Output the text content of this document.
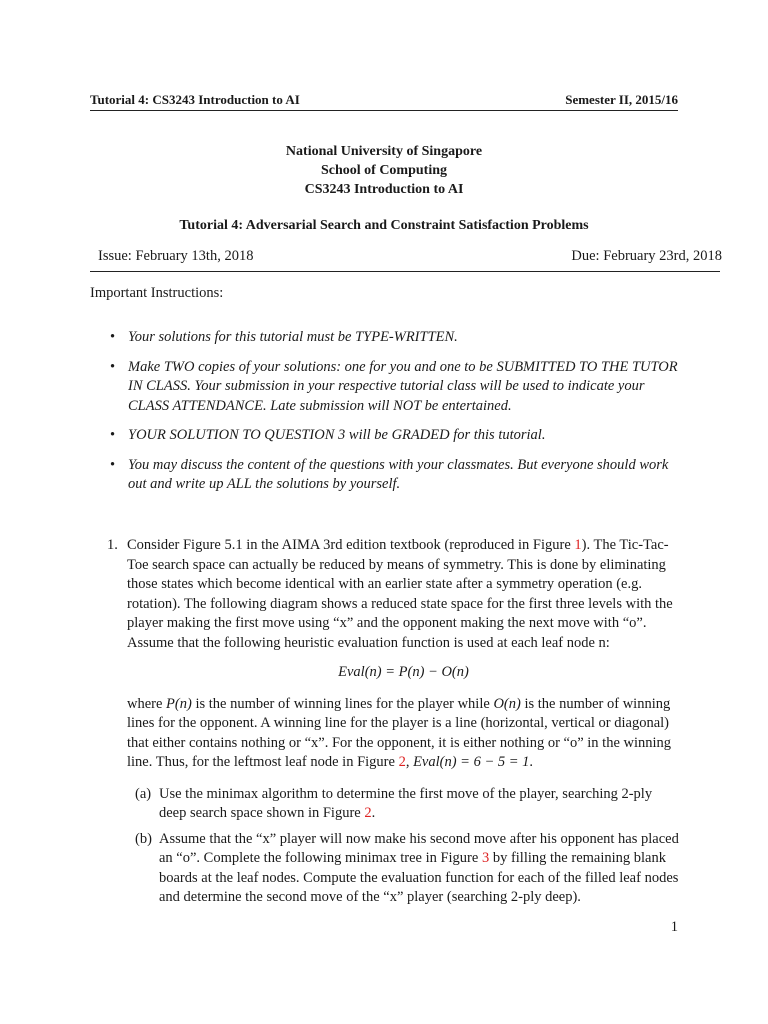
Tutorial 4: CS3243 Introduction to AI	Semester II, 2015/16
National University of Singapore
School of Computing
CS3243 Introduction to AI
Tutorial 4: Adversarial Search and Constraint Satisfaction Problems
Issue: February 13th, 2018	Due: February 23rd, 2018
Important Instructions:
• Your solutions for this tutorial must be TYPE-WRITTEN.
• Make TWO copies of your solutions: one for you and one to be SUBMITTED TO THE TUTOR IN CLASS. Your submission in your respective tutorial class will be used to indicate your CLASS ATTENDANCE. Late submission will NOT be entertained.
• YOUR SOLUTION TO QUESTION 3 will be GRADED for this tutorial.
• You may discuss the content of the questions with your classmates. But everyone should work out and write up ALL the solutions by yourself.
1. Consider Figure 5.1 in the AIMA 3rd edition textbook (reproduced in Figure 1). The Tic-Tac-Toe search space can actually be reduced by means of symmetry. This is done by eliminating those states which become identical with an earlier state after a symmetry operation (e.g. rotation). The following diagram shows a reduced state space for the first three levels with the player making the first move using “x” and the opponent making the next move with “o”. Assume that the following heuristic evaluation function is used at each leaf node n:
Eval(n) = P(n) − O(n)
where P(n) is the number of winning lines for the player while O(n) is the number of winning lines for the opponent. A winning line for the player is a line (horizontal, vertical or diagonal) that either contains nothing or “x”. For the opponent, it is either nothing or “o” in the winning line. Thus, for the leftmost leaf node in Figure 2, Eval(n) = 6 − 5 = 1.
(a) Use the minimax algorithm to determine the first move of the player, searching 2-ply deep search space shown in Figure 2.
(b) Assume that the “x” player will now make his second move after his opponent has placed an “o”. Complete the following minimax tree in Figure 3 by filling the remaining blank boards at the leaf nodes. Compute the evaluation function for each of the filled leaf nodes and determine the second move of the “x” player (searching 2-ply deep).
1
